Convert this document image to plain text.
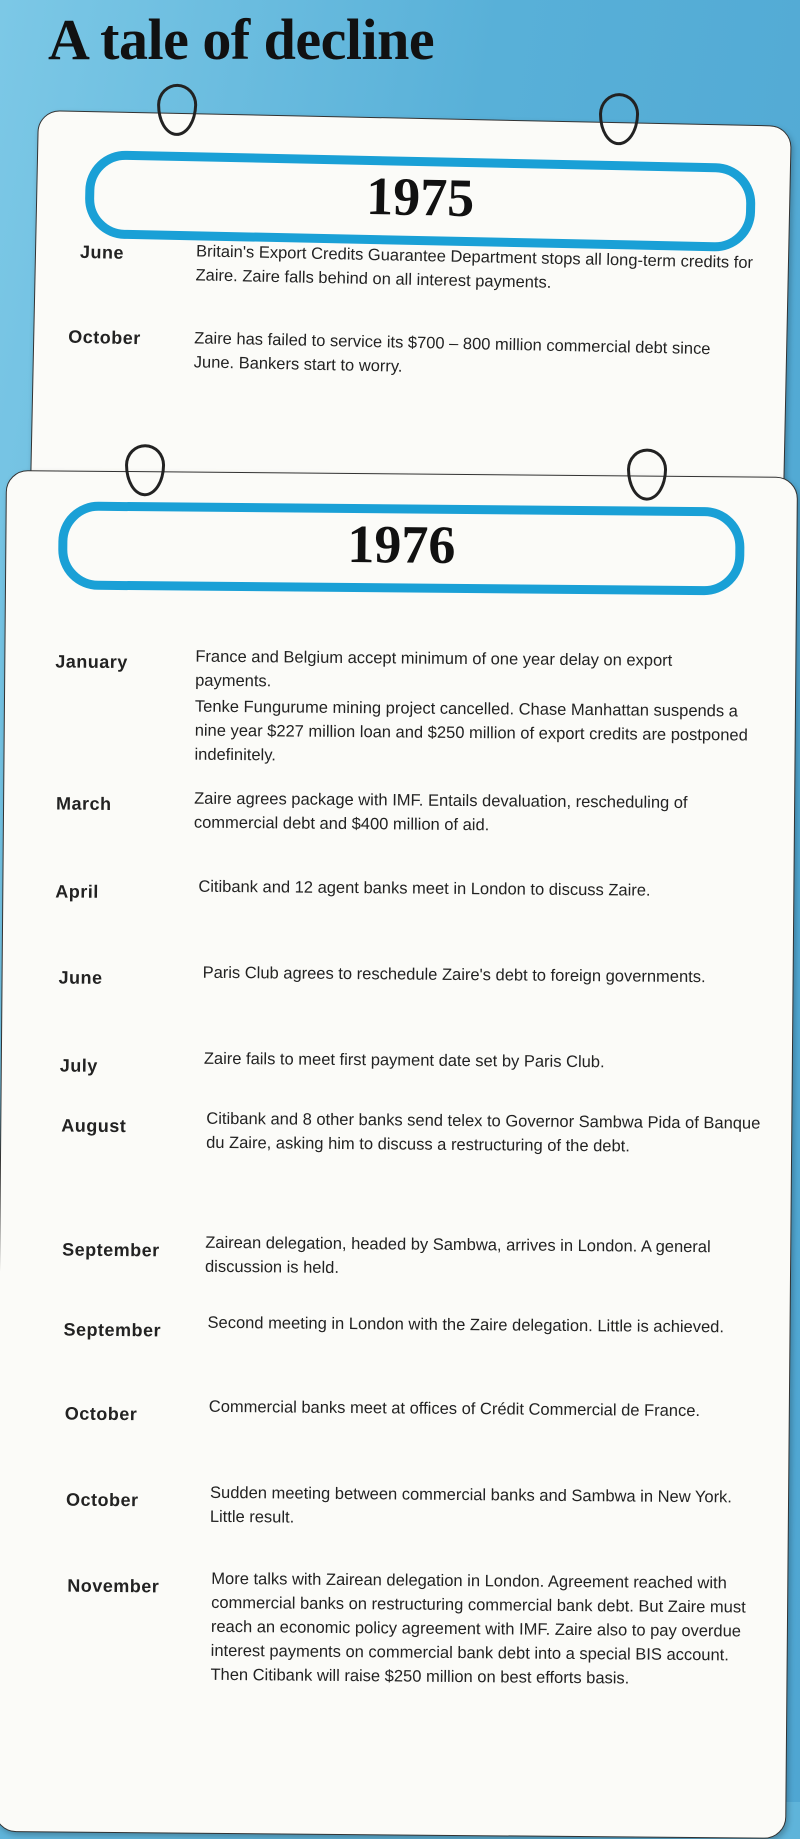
A tale of decline
1975
June	Britain's Export Credits Guarantee Department stops all long-term credits for Zaire. Zaire falls behind on all interest payments.
October	Zaire has failed to service its $700 – 800 million commercial debt since June. Bankers start to worry.
1976
January	France and Belgium accept minimum of one year delay on export payments.
Tenke Fungurume mining project cancelled. Chase Manhattan suspends a nine year $227 million loan and $250 million of export credits are postponed indefinitely.
March	Zaire agrees package with IMF. Entails devaluation, rescheduling of commercial debt and $400 million of aid.
April	Citibank and 12 agent banks meet in London to discuss Zaire.
June	Paris Club agrees to reschedule Zaire's debt to foreign governments.
July	Zaire fails to meet first payment date set by Paris Club.
August	Citibank and 8 other banks send telex to Governor Sambwa Pida of Banque du Zaire, asking him to discuss a restructuring of the debt.
September	Zairean delegation, headed by Sambwa, arrives in London. A general discussion is held.
September	Second meeting in London with the Zaire delegation. Little is achieved.
October	Commercial banks meet at offices of Crédit Commercial de France.
October	Sudden meeting between commercial banks and Sambwa in New York. Little result.
November	More talks with Zairean delegation in London. Agreement reached with commercial banks on restructuring commercial bank debt. But Zaire must reach an economic policy agreement with IMF. Zaire also to pay overdue interest payments on commercial bank debt into a special BIS account. Then Citibank will raise $250 million on best efforts basis.
